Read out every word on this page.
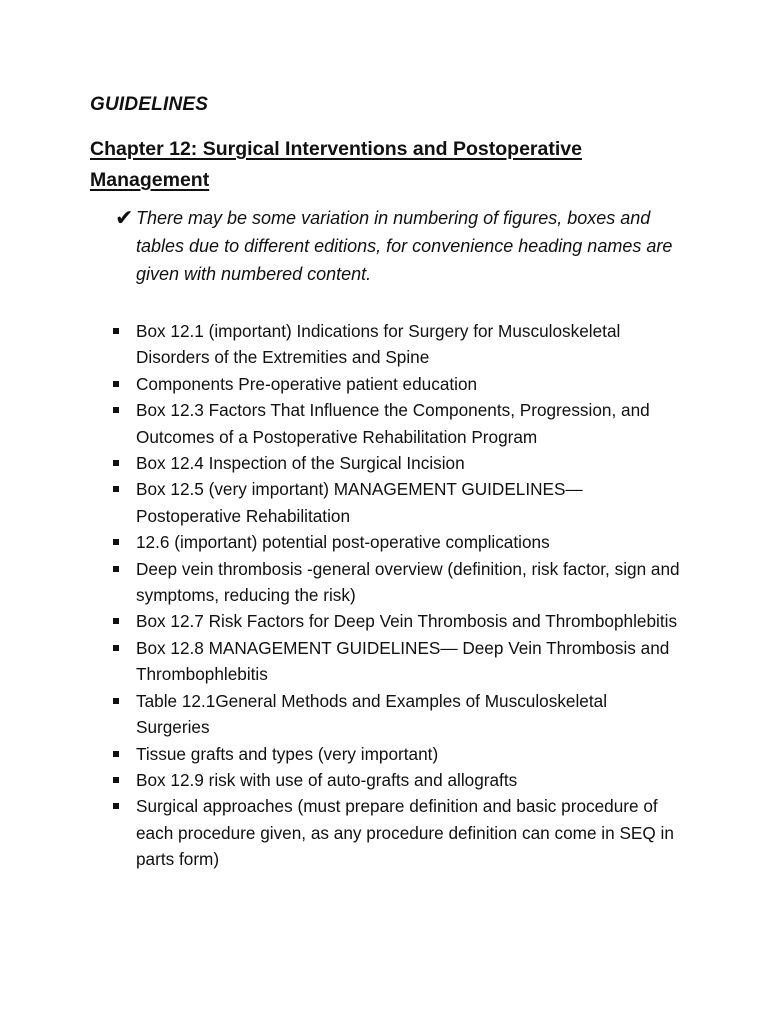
GUIDELINES
Chapter 12: Surgical Interventions and Postoperative Management
✔ There may be some variation in numbering of figures, boxes and tables due to different editions, for convenience heading names are given with numbered content.
Box 12.1 (important) Indications for Surgery for Musculoskeletal Disorders of the Extremities and Spine
Components Pre-operative patient education
Box 12.3 Factors That Influence the Components, Progression, and Outcomes of a Postoperative Rehabilitation Program
Box 12.4 Inspection of the Surgical Incision
Box 12.5 (very important) MANAGEMENT GUIDELINES— Postoperative Rehabilitation
12.6 (important) potential post-operative complications
Deep vein thrombosis -general overview (definition, risk factor, sign and symptoms, reducing the risk)
Box 12.7 Risk Factors for Deep Vein Thrombosis and Thrombophlebitis
Box 12.8 MANAGEMENT GUIDELINES— Deep Vein Thrombosis and Thrombophlebitis
Table 12.1General Methods and Examples of Musculoskeletal Surgeries
Tissue grafts and types (very important)
Box 12.9 risk with use of auto-grafts and allografts
Surgical approaches (must prepare definition and basic procedure of each procedure given, as any procedure definition can come in SEQ in parts form)
